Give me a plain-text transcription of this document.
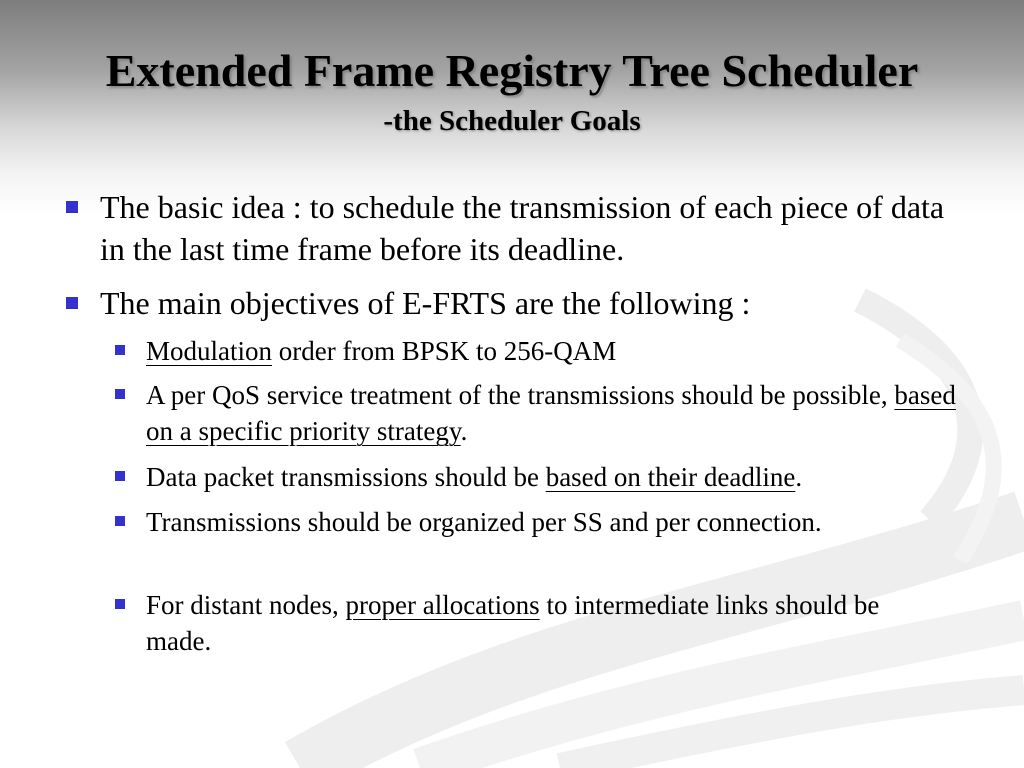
Extended Frame Registry Tree Scheduler
-the Scheduler Goals
The basic idea : to schedule the transmission of each piece of data in the last time frame before its deadline.
The main objectives of E-FRTS are the following :
Modulation order from BPSK to 256-QAM
A per QoS service treatment of the transmissions should be possible, based on a specific priority strategy.
Data packet transmissions should be based on their deadline.
Transmissions should be organized per SS and per connection.
For distant nodes, proper allocations to intermediate links should be made.
